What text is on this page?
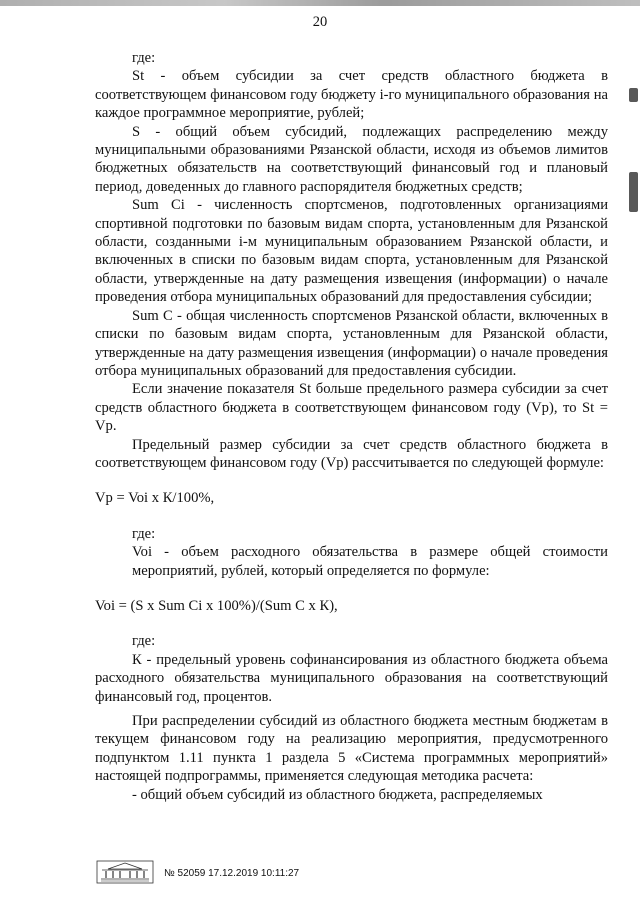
20

где:

St - объем субсидии за счет средств областного бюджета в соответствующем финансовом году бюджету i-го муниципального образования на каждое программное мероприятие, рублей;

S - общий объем субсидий, подлежащих распределению между муниципальными образованиями Рязанской области, исходя из объемов лимитов бюджетных обязательств на соответствующий финансовый год и плановый период, доведенных до главного распорядителя бюджетных средств;

Sum Ci - численность спортсменов, подготовленных организациями спортивной подготовки по базовым видам спорта, установленным для Рязанской области, созданными i-м муниципальным образованием Рязанской области, и включенных в списки по базовым видам спорта, установленным для Рязанской области, утвержденные на дату размещения извещения (информации) о начале проведения отбора муниципальных образований для предоставления субсидии;

Sum C - общая численность спортсменов Рязанской области, включенных в списки по базовым видам спорта, установленным для Рязанской области, утвержденные на дату размещения извещения (информации) о начале проведения отбора муниципальных образований для предоставления субсидии.

Если значение показателя St больше предельного размера субсидии за счет средств областного бюджета в соответствующем финансовом году (Vp), то St = Vp.

Предельный размер субсидии за счет средств областного бюджета в соответствующем финансовом году (Vp) рассчитывается по следующей формуле:

Vp = Voi x К/100%,

где:

Voi - объем расходного обязательства в размере общей стоимости мероприятий, рублей, который определяется по формуле:

Voi = (S x Sum Ci x 100%)/(Sum C x К),

где:

К - предельный уровень софинансирования из областного бюджета объема расходного обязательства муниципального образования на соответствующий финансовый год, процентов.

При распределении субсидий из областного бюджета местным бюджетам в текущем финансовом году на реализацию мероприятия, предусмотренного подпунктом 1.11 пункта 1 раздела 5 «Система программных мероприятий» настоящей подпрограммы, применяется следующая методика расчета:

- общий объем субсидий из областного бюджета, распределяемых

№ 52059 17.12.2019 10:11:27
